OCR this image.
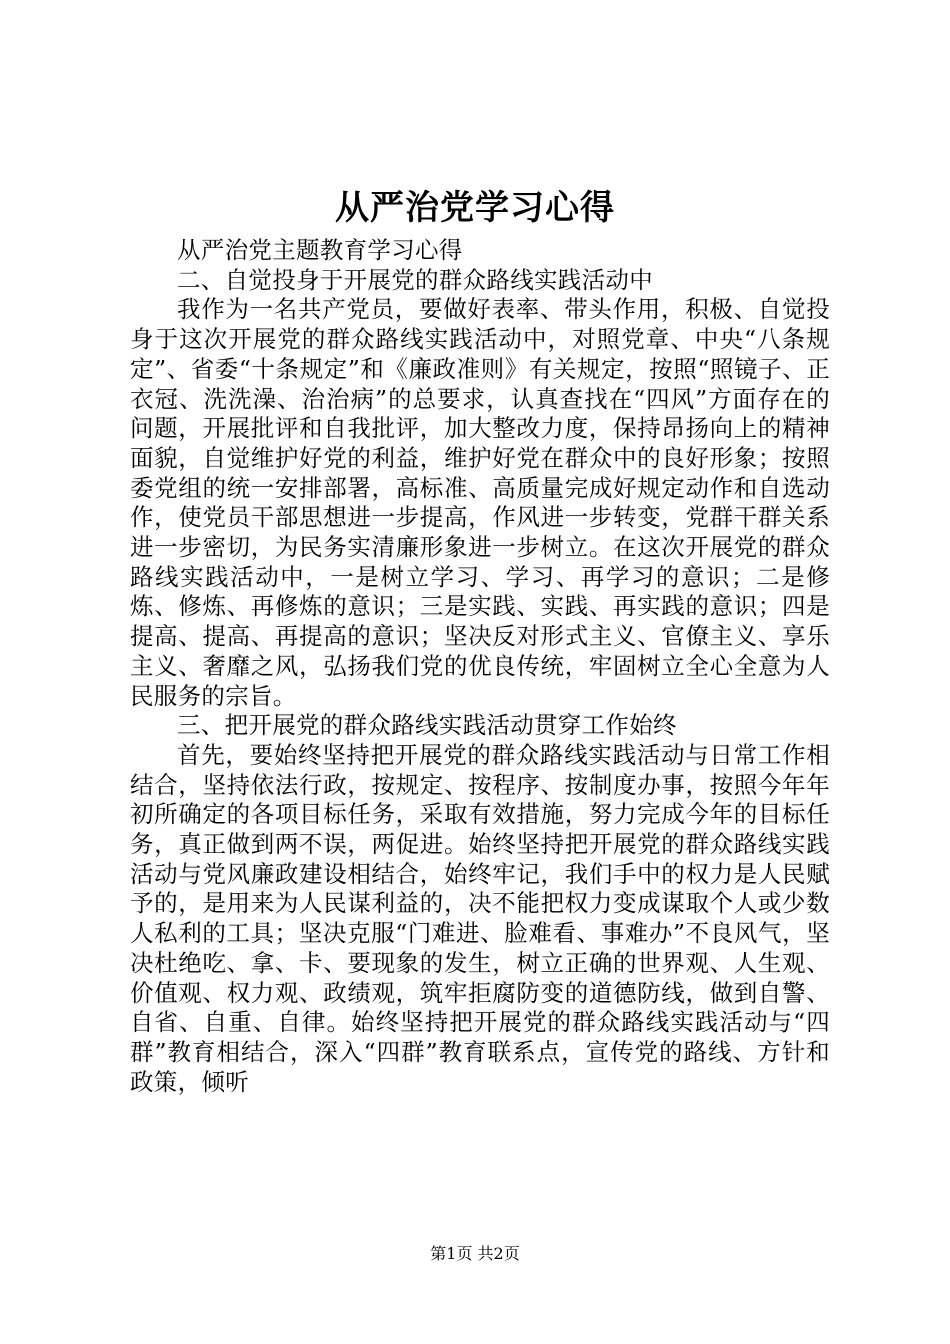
从严治党学习心得

从严治党主题教育学习心得

二、自觉投身于开展党的群众路线实践活动中

我作为一名共产党员，要做好表率、带头作用，积极、自觉投身于这次开展党的群众路线实践活动中，对照党章、中央“八条规定”、省委“十条规定”和《廉政准则》有关规定，按照“照镜子、正衣冠、洗洗澡、治治病”的总要求，认真查找在“四风”方面存在的问题，开展批评和自我批评，加大整改力度，保持昂扬向上的精神面貌，自觉维护好党的利益，维护好党在群众中的良好形象；按照委党组的统一安排部署，高标准、高质量完成好规定动作和自选动作，使党员干部思想进一步提高，作风进一步转变，党群干群关系进一步密切，为民务实清廉形象进一步树立。在这次开展党的群众路线实践活动中，一是树立学习、学习、再学习的意识；二是修炼、修炼、再修炼的意识；三是实践、实践、再实践的意识；四是提高、提高、再提高的意识；坚决反对形式主义、官僚主义、享乐主义、奢靡之风，弘扬我们党的优良传统，牢固树立全心全意为人民服务的宗旨。

三、把开展党的群众路线实践活动贯穿工作始终

首先，要始终坚持把开展党的群众路线实践活动与日常工作相结合，坚持依法行政，按规定、按程序、按制度办事，按照今年年初所确定的各项目标任务，采取有效措施，努力完成今年的目标任务，真正做到两不误，两促进。始终坚持把开展党的群众路线实践活动与党风廉政建设相结合，始终牢记，我们手中的权力是人民赋予的，是用来为人民谋利益的，决不能把权力变成谋取个人或少数人私利的工具；坚决克服“门难进、脸难看、事难办”不良风气，坚决杜绝吃、拿、卡、要现象的发生，树立正确的世界观、人生观、价值观、权力观、政绩观，筑牢拒腐防变的道德防线，做到自警、自省、自重、自律。始终坚持把开展党的群众路线实践活动与“四群”教育相结合，深入“四群”教育联系点，宣传党的路线、方针和政策，倾听

第1页 共2页
